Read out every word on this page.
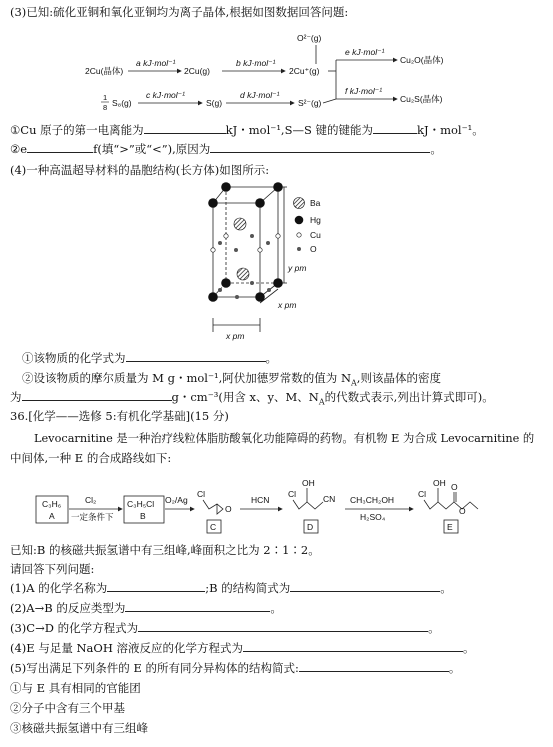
(3)已知:硫化亚铜和氧化亚铜均为离子晶体,根据如图数据回答问题:
2Cu(晶体)
a kJ·mol⁻¹
2Cu(g)
b kJ·mol⁻¹
2Cu⁺(g)
O²⁻(g)
e kJ·mol⁻¹
Cu₂O(晶体)
f kJ·mol⁻¹
Cu₂S(晶体)
1
8 S₈(g)
c kJ·mol⁻¹
S(g)
d kJ·mol⁻¹
S²⁻(g)
①Cu 原子的第一电离能为	kJ・mol⁻¹,S—S 键的键能为	kJ・mol⁻¹。
②e	f(填“>”或“<”),原因为	。
(4)一种高温超导材料的晶胞结构(长方体)如图所示:
Ba
Hg
Cu
O
y pm
x pm
x pm
①该物质的化学式为	。
②设该物质的摩尔质量为 M g・mol⁻¹,阿伏加德罗常数的值为 $N_A$,则该晶体的密度
为	g・cm⁻³(用含 x、y、M、$N_A$的代数式表示,列出计算式即可)。
36.[化学——选修 5:有机化学基础](15 分)
Levocarnitine 是一种治疗线粒体脂肪酸氧化功能障碍的药物。有机物 E 为合成 Levocarnitine 的
中间体,一种 E 的合成路线如下:
C₃H₆
A
Cl₂
一定条件下
C₃H₅Cl
B
O₂/Ag
Cl
O
C
HCN
OH
Cl	CN
D
CH₃CH₂OH
H₂SO₄
OH
Cl
O
O
E
已知:B 的核磁共振氢谱中有三组峰,峰面积之比为 2∶1∶2。
请回答下列问题:
(1)A 的化学名称为	;B 的结构简式为	。
(2)A→B 的反应类型为	。
(3)C→D 的化学方程式为	。
(4)E 与足量 NaOH 溶液反应的化学方程式为	。
(5)写出满足下列条件的 E 的所有同分异构体的结构简式:	。
①与 E 具有相同的官能团
②分子中含有三个甲基
③核磁共振氢谱中有三组峰
